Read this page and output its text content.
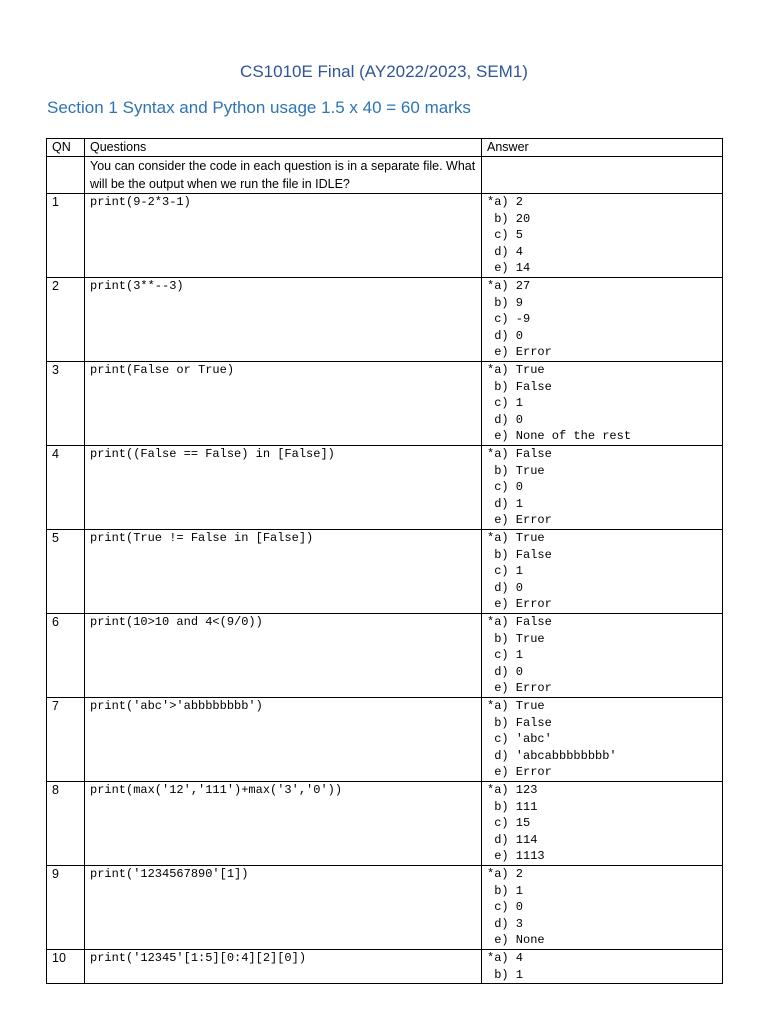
CS1010E Final (AY2022/2023, SEM1)
Section 1 Syntax and Python usage 1.5 x 40 = 60 marks
QN	Questions	Answer
	You can consider the code in each question is in a separate file. What will be the output when we run the file in IDLE?	
1	print(9-2*3-1)	*a) 2
b) 20
c) 5
d) 4
e) 14

2	print(3**--3)	*a) 27
b) 9
c) -9
d) 0
e) Error

3	print(False or True)	*a) True
b) False
c) 1
d) 0
e) None of the rest

4	print((False == False) in [False])	*a) False
b) True
c) 0
d) 1
e) Error

5	print(True != False in [False])	*a) True
b) False
c) 1
d) 0
e) Error

6	print(10>10 and 4<(9/0))	*a) False
b) True
c) 1
d) 0
e) Error

7	print('abc'>'abbbbbbbb')	*a) True
b) False
c) 'abc'
d) 'abcabbbbbbbb'
e) Error

8	print(max('12','111')+max('3','0'))	*a) 123
b) 111
c) 15
d) 114
e) 1113

9	print('1234567890'[1])	*a) 2
b) 1
c) 0
d) 3
e) None

10	print('12345'[1:5][0:4][2][0])	*a) 4
b) 1
